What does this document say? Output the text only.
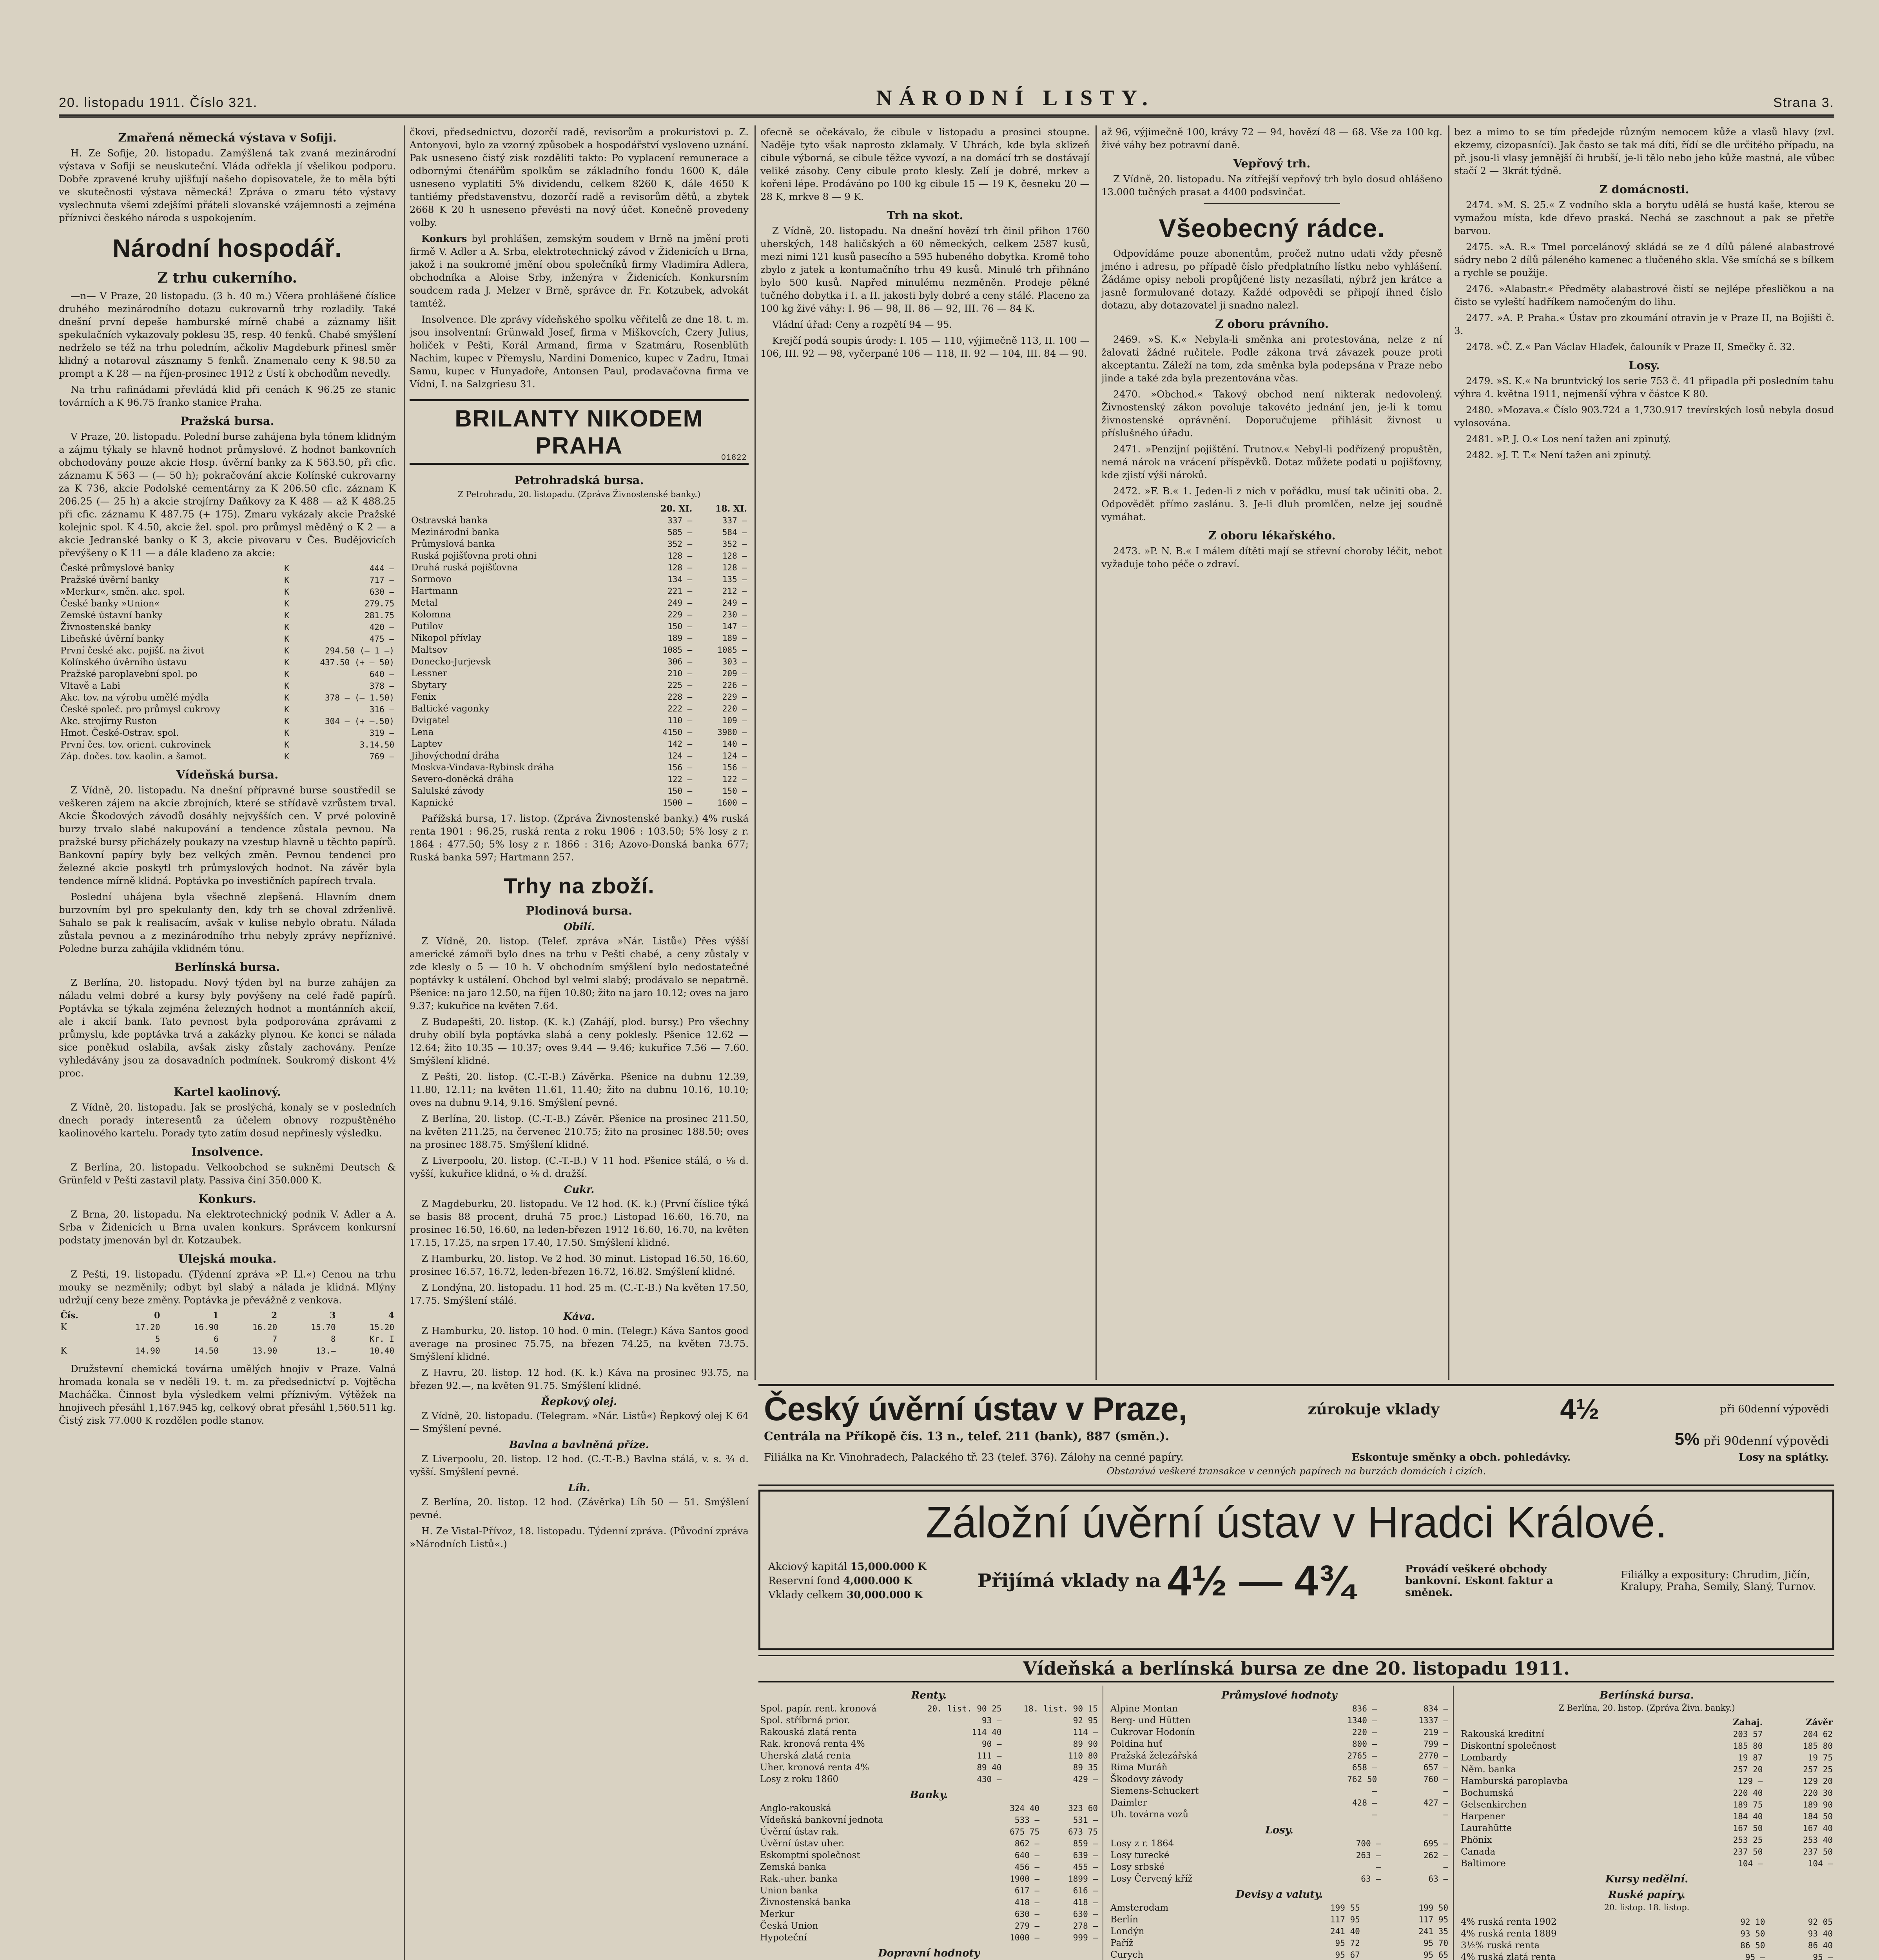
20. listopadu 1911. Číslo 321.	NÁRODNÍ LISTY.	Strana 3.
Zmařená německá výstava v Sofiji.

H. Ze Sofije, 20. listopadu. Zamýšlená tak zvaná mezinárodní výstava v Sofiji se neuskuteční. Vláda odřekla jí všelikou podporu. Dobře zpravené kruhy ujišťují našeho dopisovatele, že to měla býti ve skutečnosti výstava německá! Zpráva o zmaru této výstavy vyslechnuta všemi zdejšími přáteli slovanské vzájemnosti a zejména příznivci českého národa s uspokojením.

Národní hospodář.
Z trhu cukerního.

—n— V Praze, 20 listopadu. (3 h. 40 m.) Včera prohlášené číslice druhého mezinárodního dotazu cukrovarnů trhy rozladily. Také dnešní první depeše hamburské mírně chabé a záznamy lišit spekulačních vykazovaly poklesu 35, resp. 40 fenků. Chabé smýšlení nedrželo se též na trhu poledním, ačkoliv Magdeburk přinesl směr klidný a notaroval zásznamy 5 fenků. Znamenalo ceny K 98.50 za prompt a K 28 — na říjen-prosinec 1912 z Ústí k obchodům nevedly.

Na trhu rafinádami převládá klid při cenách K 96.25 ze stanic továrních a K 96.75 franko stanice Praha.

Pražská bursa.

V Praze, 20. listopadu. Polední burse zahájena byla tónem klidným a zájmu týkaly se hlavně hodnot průmyslové. Z hodnot bankovních obchodovány pouze akcie Hosp. úvěrní banky za K 563.50, při cfic. záznamu K 563 — (— 50 h); pokračování akcie Kolínské cukrovarny za K 736, akcie Podolské cementárny za K 206.50 cfic. záznam K 206.25 (— 25 h) a akcie strojírny Daňkovy za K 488 — až K 488.25 při cfic. záznamu K 487.75 (+ 175). Zmaru vykázaly akcie Pražské kolejnic spol. K 4.50, akcie žel. spol. pro průmysl měděný o K 2 — a akcie Jedranské banky o K 3, akcie pivovaru v Čes. Budějovicích převýšeny o K 11 — a dále kladeno za akcie:

České průmyslové banky	K	444 —
Pražské úvěrní banky	K	717 —
»Merkur«, směn. akc. spol.	K	630 —
České banky »Union«	K	279.75
Zemské ústavní banky	K	281.75
Živnostenské banky	K	420 —
Libeňské úvěrní banky	K	475 —
První české akc. pojišť. na život	K	294.50 (— 1 —)
Kolínského úvěrního ústavu	K	437.50 (+ — 50)
Pražské paroplavební spol. po	K	640 —
Vltavě a Labi	K	378 —
Akc. tov. na výrobu umělé mýdla	K	378 — (— 1.50)
České společ. pro průmysl cukrovy	K	316 —
Akc. strojírny Ruston	K	304 — (+ —.50)
Hmot. České-Ostrav. spol.	K	319 —
První čes. tov. orient. cukrovinek	K	3.14.50
Záp. dočes. tov. kaolin. a šamot.	K	769 —
Vídeňská bursa.

Z Vídně, 20. listopadu. Na dnešní přípravné burse soustředil se veškeren zájem na akcie zbrojních, které se střídavě vzrůstem trval. Akcie Škodových závodů dosáhly nejvyšších cen. V prvé polovině burzy trvalo slabé nakupování a tendence zůstala pevnou. Na pražské bursy přicházely poukazy na vzestup hlavně u těchto papírů. Bankovní papíry byly bez velkých změn. Pevnou tendenci pro železné akcie poskytl trh průmyslových hodnot. Na závěr byla tendence mírně klidná. Poptávka po investičních papírech trvala.

Poslední uhájena byla všechně zlepšená. Hlavním dnem burzovním byl pro spekulanty den, kdy trh se choval zdrženlivě. Sahalo se pak k realisacím, avšak v kulise nebylo obratu. Nálada zůstala pevnou a z mezinárodního trhu nebyly zprávy nepříznivé. Poledne burza zahájila vklidném tónu.

Berlínská bursa.

Z Berlína, 20. listopadu. Nový týden byl na burze zahájen za náladu velmi dobré a kursy byly povýšeny na celé řadě papírů. Poptávka se týkala zejména železných hodnot a montánních akcií, ale i akcií bank. Tato pevnost byla podporována zprávami z průmyslu, kde poptávka trvá a zakázky plynou. Ke konci se nálada sice poněkud oslabila, avšak zisky zůstaly zachovány. Peníze vyhledávány jsou za dosavadních podmínek. Soukromý diskont 4½ proc.

Kartel kaolinový.

Z Vídně, 20. listopadu. Jak se proslýchá, konaly se v posledních dnech porady interesentů za účelem obnovy rozpuštěného kaolinového kartelu. Porady tyto zatím dosud nepřinesly výsledku.

Insolvence.

Z Berlína, 20. listopadu. Velkoobchod se sukněmi Deutsch & Grünfeld v Pešti zastavil platy. Passiva činí 350.000 K.

Konkurs.

Z Brna, 20. listopadu. Na elektrotechnický podnik V. Adler a A. Srba v Židenicích u Brna uvalen konkurs. Správcem konkursní podstaty jmenován byl dr. Kotzaubek.

Ulejská mouka.

Z Pešti, 19. listopadu. (Týdenní zpráva »P. Ll.«) Cenou na trhu mouky se nezměnily; odbyt byl slabý a nálada je klidná. Mlýny udržují ceny beze změny. Poptávka je převážně z venkova.

Čís.	0	1	2	3	4
K	17.20	16.90	16.20	15.70	15.20
	5	6	7	8	Kr. I
K	14.90	14.50	13.90	13.—	10.40

Družstevní chemická továrna umělých hnojiv v Praze. Valná hromada konala se v neděli 19. t. m. za předsednictví p. Vojtěcha Macháčka. Činnost byla výsledkem velmi příznivým. Výtěžek na hnojivech přesáhl 1,167.945 kg, celkový obrat přesáhl 1,560.511 kg. Čistý zisk 77.000 K rozdělen podle stanov.

čkovi, předsednictvu, dozorčí radě, revisorům a prokuristovi p. Z. Antonyovi, bylo za vzorný způsobek a hospodářství vysloveno uznání. Pak usneseno čistý zisk rozděliti takto: Po vyplacení remunerace a odbornými čtenářům spolkům se základního fondu 1600 K, dále usneseno vyplatiti 5% dividendu, celkem 8260 K, dále 4650 K tantiémy představenstvu, dozorčí radě a revisorům dětů, a zbytek 2668 K 20 h usneseno převésti na nový účet. Konečně provedeny volby.

Konkurs byl prohlášen, zemským soudem v Brně na jmění proti firmě V. Adler a A. Srba, elektrotechnický závod v Židenicích u Brna, jakož i na soukromé jmění obou společníků firmy Vladimíra Adlera, obchodníka a Aloise Srby, inženýra v Židenicích. Konkursním soudcem rada J. Melzer v Brně, správce dr. Fr. Kotzubek, advokát tamtéž.

Insolvence. Dle zprávy vídeňského spolku věřitelů ze dne 18. t. m. jsou insolventní: Grünwald Josef, firma v Miškovcích, Czery Julius, holiček v Pešti, Korál Armand, firma v Szatmáru, Rosenblüth Nachim, kupec v Přemyslu, Nardini Domenico, kupec v Zadru, Itmai Samu, kupec v Hunyadoře, Antonsen Paul, prodavačovna firma ve Vídni, I. na Salzgriesu 31.

BRILANTY NIKODEM PRAHA	01822
Petrohradská bursa.

Z Petrohradu, 20. listopadu. (Zpráva Živnostenské banky.)

	20. XI.	18. XI.
Ostravská banka	337 —	337 —
Mezinárodní banka	585 —	584 —
Průmyslová banka	352 —	352 —
Ruská pojišťovna proti ohni	128 —	128 —
Druhá ruská pojišťovna	128 —	128 —
Sormovo	134 —	135 —
Hartmann	221 —	212 —
Metal	249 —	249 —
Kolomna	229 —	230 —
Putilov	150 —	147 —
Nikopol přívlay	189 —	189 —
Maltsov	1085 —	1085 —
Donecko-Jurjevsk	306 —	303 —
Lessner	210 —	209 —
Sbytary	225 —	226 —
Fenix	228 —	229 —
Baltické vagonky	222 —	220 —
Dvigatel	110 —	109 —
Lena	4150 —	3980 —
Laptev	142 —	140 —
Jihovýchodní dráha	124 —	124 —
Moskva-Vindava-Rybinsk dráha	156 —	156 —
Severo-doněcká dráha	122 —	122 —
Salulské závody	150 —	150 —
Kapnické	1500 —	1600 —

Pařížská bursa, 17. listop. (Zpráva Živnostenské banky.) 4% ruská renta 1901 : 96.25, ruská renta z roku 1906 : 103.50; 5% losy z r. 1864 : 477.50; 5% losy z r. 1866 : 316; Azovo-Donská banka 677; Ruská banka 597; Hartmann 257.

Trhy na zboží.
Plodinová bursa.
Obilí.

Z Vídně, 20. listop. (Telef. zpráva »Nár. Listů«) Přes výšší americké zámoři bylo dnes na trhu v Pešti chabé, a ceny zůstaly v zde klesly o 5 — 10 h. V obchodním smýšlení bylo nedostatečné poptávky k ustálení. Obchod byl velmi slabý; prodávalo se nepatrně. Pšenice: na jaro 12.50, na říjen 10.80; žito na jaro 10.12; oves na jaro 9.37; kukuřice na květen 7.64.

Z Budapešti, 20. listop. (K. k.) (Zahájí, plod. bursy.) Pro všechny druhy obilí byla poptávka slabá a ceny poklesly. Pšenice 12.62 — 12.64; žito 10.35 — 10.37; oves 9.44 — 9.46; kukuřice 7.56 — 7.60. Smýšlení klidné.

Z Pešti, 20. listop. (C.-T.-B.) Závěrka. Pšenice na dubnu 12.39, 11.80, 12.11; na květen 11.61, 11.40; žito na dubnu 10.16, 10.10; oves na dubnu 9.14, 9.16. Smýšlení pevné.

Z Berlína, 20. listop. (C.-T.-B.) Závěr. Pšenice na prosinec 211.50, na květen 211.25, na červenec 210.75; žito na prosinec 188.50; oves na prosinec 188.75. Smýšlení klidné.

Z Liverpoolu, 20. listop. (C.-T.-B.) V 11 hod. Pšenice stálá, o ⅛ d. vyšší, kukuřice klidná, o ⅛ d. dražší.

Cukr.

Z Magdeburku, 20. listopadu. Ve 12 hod. (K. k.) (První číslice týká se basis 88 procent, druhá 75 proc.) Listopad 16.60, 16.70, na prosinec 16.50, 16.60, na leden-březen 1912 16.60, 16.70, na květen 17.15, 17.25, na srpen 17.40, 17.50. Smýšlení klidné.

Z Hamburku, 20. listop. Ve 2 hod. 30 minut. Listopad 16.50, 16.60, prosinec 16.57, 16.72, leden-březen 16.72, 16.82. Smýšlení klidné.

Z Londýna, 20. listopadu. 11 hod. 25 m. (C.-T.-B.) Na květen 17.50, 17.75. Smýšlení stálé.

Káva.

Z Hamburku, 20. listop. 10 hod. 0 min. (Telegr.) Káva Santos good average na prosinec 75.75, na březen 74.25, na květen 73.75. Smýšlení klidné.

Z Havru, 20. listop. 12 hod. (K. k.) Káva na prosinec 93.75, na březen 92.—, na květen 91.75. Smýšlení klidné.

Řepkový olej.

Z Vídně, 20. listopadu. (Telegram. »Nár. Listů«) Řepkový olej K 64 — Smýšlení pevné.

Bavlna a bavlněná příze.

Z Liverpoolu, 20. listop. 12 hod. (C.-T.-B.) Bavlna stálá, v. s. ¾ d. vyšší. Smýšlení pevné.

Líh.

Z Berlína, 20. listop. 12 hod. (Závěrka) Líh 50 — 51. Smýšlení pevné.

H. Ze Vistal-Přívoz, 18. listopadu. Týdenní zpráva. (Původní zpráva »Národních Listů«.)

ofecně se očekávalo, že cibule v listopadu a prosinci stoupne. Naděje tyto však naprosto zklamaly. V Uhrách, kde byla sklizeň cibule výborná, se cibule těžce vyvozí, a na domácí trh se dostávají veliké zásoby. Ceny cibule proto klesly. Zelí je dobré, mrkev a kořeni lépe. Prodáváno po 100 kg cibule 15 — 19 K, česneku 20 — 28 K, mrkve 8 — 9 K.

Trh na skot.

Z Vídně, 20. listopadu. Na dnešní hovězí trh činil přihon 1760 uherských, 148 haličských a 60 německých, celkem 2587 kusů, mezi nimi 121 kusů pasecího a 595 hubeného dobytka. Kromě toho zbylo z jatek a kontumačního trhu 49 kusů. Minulé trh přihnáno bylo 500 kusů. Napřed minulému nezměněn. Prodeje pěkné tučného dobytka i I. a II. jakosti byly dobré a ceny stálé. Placeno za 100 kg živé váhy: I. 96 — 98, II. 86 — 92, III. 76 — 84 K.

Vládní úřad: Ceny a rozpětí 94 — 95.

Krejčí podá soupis úrody: I. 105 — 110, výjimečně 113, II. 100 — 106, III. 92 — 98, vyčerpané 106 — 118, II. 92 — 104, III. 84 — 90.

až 96, výjimečně 100, krávy 72 — 94, hovězí 48 — 68. Vše za 100 kg. živé váhy bez potravní daně.

Vepřový trh.

Z Vídně, 20. listopadu. Na zítřejší vepřový trh bylo dosud ohlášeno 13.000 tučných prasat a 4400 podsvinčat.

Všeobecný rádce.

Odpovídáme pouze abonentům, pročež nutno udati vždy přesně jméno i adresu, po případě číslo předplatního lístku nebo vyhlášení. Žádáme opisy neboli propůjčené listy nezasílati, nýbrž jen krátce a jasně formulované dotazy. Každé odpovědi se připojí ihned číslo dotazu, aby dotazovatel ji snadno nalezl.

Z oboru právního.

2469. »S. K.« Nebyla-li směnka ani protestována, nelze z ní žalovati žádné ručitele. Podle zákona trvá závazek pouze proti akceptantu. Záleží na tom, zda směnka byla podepsána v Praze nebo jinde a také zda byla prezentována včas.

2470. »Obchod.« Takový obchod není nikterak nedovolený. Živnostenský zákon povoluje takovéto jednání jen, je-li k tomu živnostenské oprávnění. Doporučujeme přihlásit živnost u příslušného úřadu.

2471. »Penzijní pojištění. Trutnov.« Nebyl-li podřízený propuštěn, nemá nárok na vrácení příspěvků. Dotaz můžete podati u pojišťovny, kde zjistí výši nároků.

2472. »F. B.« 1. Jeden-li z nich v pořádku, musí tak učiniti oba. 2. Odpovědět přímo zaslánu. 3. Je-li dluh promlčen, nelze jej soudně vymáhat.

Z oboru lékařského.

2473. »P. N. B.« I málem dítěti mají se střevní choroby léčit, nebot vyžaduje toho péče o zdraví.

bez a mimo to se tím předejde různým nemocem kůže a vlasů hlavy (zvl. ekzemy, cizopasníci). Jak často se tak má díti, řídí se dle určitého případu, na př. jsou-li vlasy jemnější či hrubší, je-li tělo nebo jeho kůže mastná, ale vůbec stačí 2 — 3krát týdně.

Z domácnosti.

2474. »M. S. 25.« Z vodního skla a borytu udělá se hustá kaše, kterou se vymažou místa, kde dřevo praská. Nechá se zaschnout a pak se přetře barvou.

2475. »A. R.« Tmel porcelánový skládá se ze 4 dílů pálené alabastrové sádry nebo 2 dílů páleného kamenec a tlučeného skla. Vše smíchá se s bílkem a rychle se použije.

2476. »Alabastr.« Předměty alabastrové čistí se nejlépe přesličkou a na čisto se vyleští hadříkem namočeným do lihu.

2477. »A. P. Praha.« Ústav pro zkoumání otravin je v Praze II, na Bojišti č. 3.

2478. »Č. Z.« Pan Václav Hlaďek, čalouník v Praze II, Smečky č. 32.

Losy.

2479. »S. K.« Na bruntvický los serie 753 č. 41 připadla při posledním tahu výhra 4. května 1911, nejmenší výhra v částce K 80.

2480. »Mozava.« Číslo 903.724 a 1,730.917 trevírských losů nebyla dosud vylosována.

2481. »P. J. O.« Los není tažen ani zpinutý.

2482. »J. T. T.« Není tažen ani zpinutý.

Český úvěrní ústav v Praze,	zúrokuje vklady	4½	při 60denní výpovědi
Centrála na Příkopě čís. 13 n., telef. 211 (bank), 887 (směn.).	5% při 90denní výpovědi
Filiálka na Kr. Vinohradech, Palackého tř. 23 (telef. 376). Zálohy na cenné papíry.	Eskontuje směnky a obch. pohledávky.	Losy na splátky.
Obstarává veškeré transakce v cenných papírech na burzách domácích i cizích.
Záložní úvěrní ústav v Hradci Králové.
Akciový kapitál 15,000.000 K
Reservní fond 4,000.000 K
Vklady celkem 30,000.000 K
Přijímá vklady na 4½ — 4¾	Provádí veškeré obchody bankovní. Eskont faktur a směnek.
Filiálky a expositury: Chrudim, Jičín, Kralupy, Praha, Semily, Slaný, Turnov.
Vídeňská a berlínská bursa ze dne 20. listopadu 1911.
Renty.
Spol. papír. rent. kronová	20. list. 90 25	18. list. 90 15
Spol. stříbrná prior.	93 —	92 95
Rakouská zlatá renta	114 40	114 —
Rak. kronová renta 4%	90 —	89 90
Uherská zlatá renta	111 —	110 80
Uher. kronová renta 4%	89 40	89 35
Losy z roku 1860	430 —	429 —
Banky.
Anglo-rakouská	324 40	323 60
Vídeňská bankovní jednota	533 —	531 —
Úvěrní ústav rak.	675 75	673 75
Úvěrní ústav uher.	862 —	859 —
Eskomptní společnost	640 —	639 —
Zemská banka	456 —	455 —
Rak.-uher. banka	1900 —	1899 —
Union banka	617 —	616 —
Živnostenská banka	418 —	418 —
Merkur	630 —	630 —
Česká Union	279 —	278 —
Hypoteční	1000 —	999 —
Dopravní hodnoty

Průmyslové hodnoty
Alpine Montan	836 —	834 —
Berg- und Hütten	1340 —	1337 —
Cukrovar Hodonín	220 —	219 —
Poldina huť	800 —	799 —
Pražská železářská	2765 —	2770 —
Rima Muráň	658 —	657 —
Škodovy závody	762 50	760 —
Siemens-Schuckert	—	—
Daimler	428 —	427 —
Uh. továrna vozů	—	—
Losy.
Losy z r. 1864	700 —	695 —
Losy turecké	263 —	262 —
Losy srbské	—	—
Losy Červený kříž	63 —	63 —
Devisy a valuty.
Amsterodam	199 55	199 50
Berlín	117 95	117 95
Londýn	241 40	241 35
Paříž	95 72	95 70
Curych	95 67	95 65

Berlínská bursa.
Z Berlína, 20. listop. (Zpráva Živn. banky.)
	Zahaj.	Závěr
Rakouská kreditní	203 57	204 62
Diskontní společnost	185 80	185 80
Lombardy	19 87	19 75
Něm. banka	257 20	257 25
Hamburská paroplavba	129 —	129 20
Bochumská	220 40	220 30
Gelsenkirchen	189 75	189 90
Harpener	184 40	184 50
Laurahütte	167 50	167 40
Phönix	253 25	253 40
Canada	237 50	237 50
Baltimore	104 —	104 —
Kursy nedělní.
Ruské papíry.
20. listop. 18. listop.
4% ruská renta 1902	92 10	92 05
4% ruská renta 1889	93 50	93 40
3½% ruská renta	86 50	86 40
4% ruská zlatá renta	95 —	95 —
